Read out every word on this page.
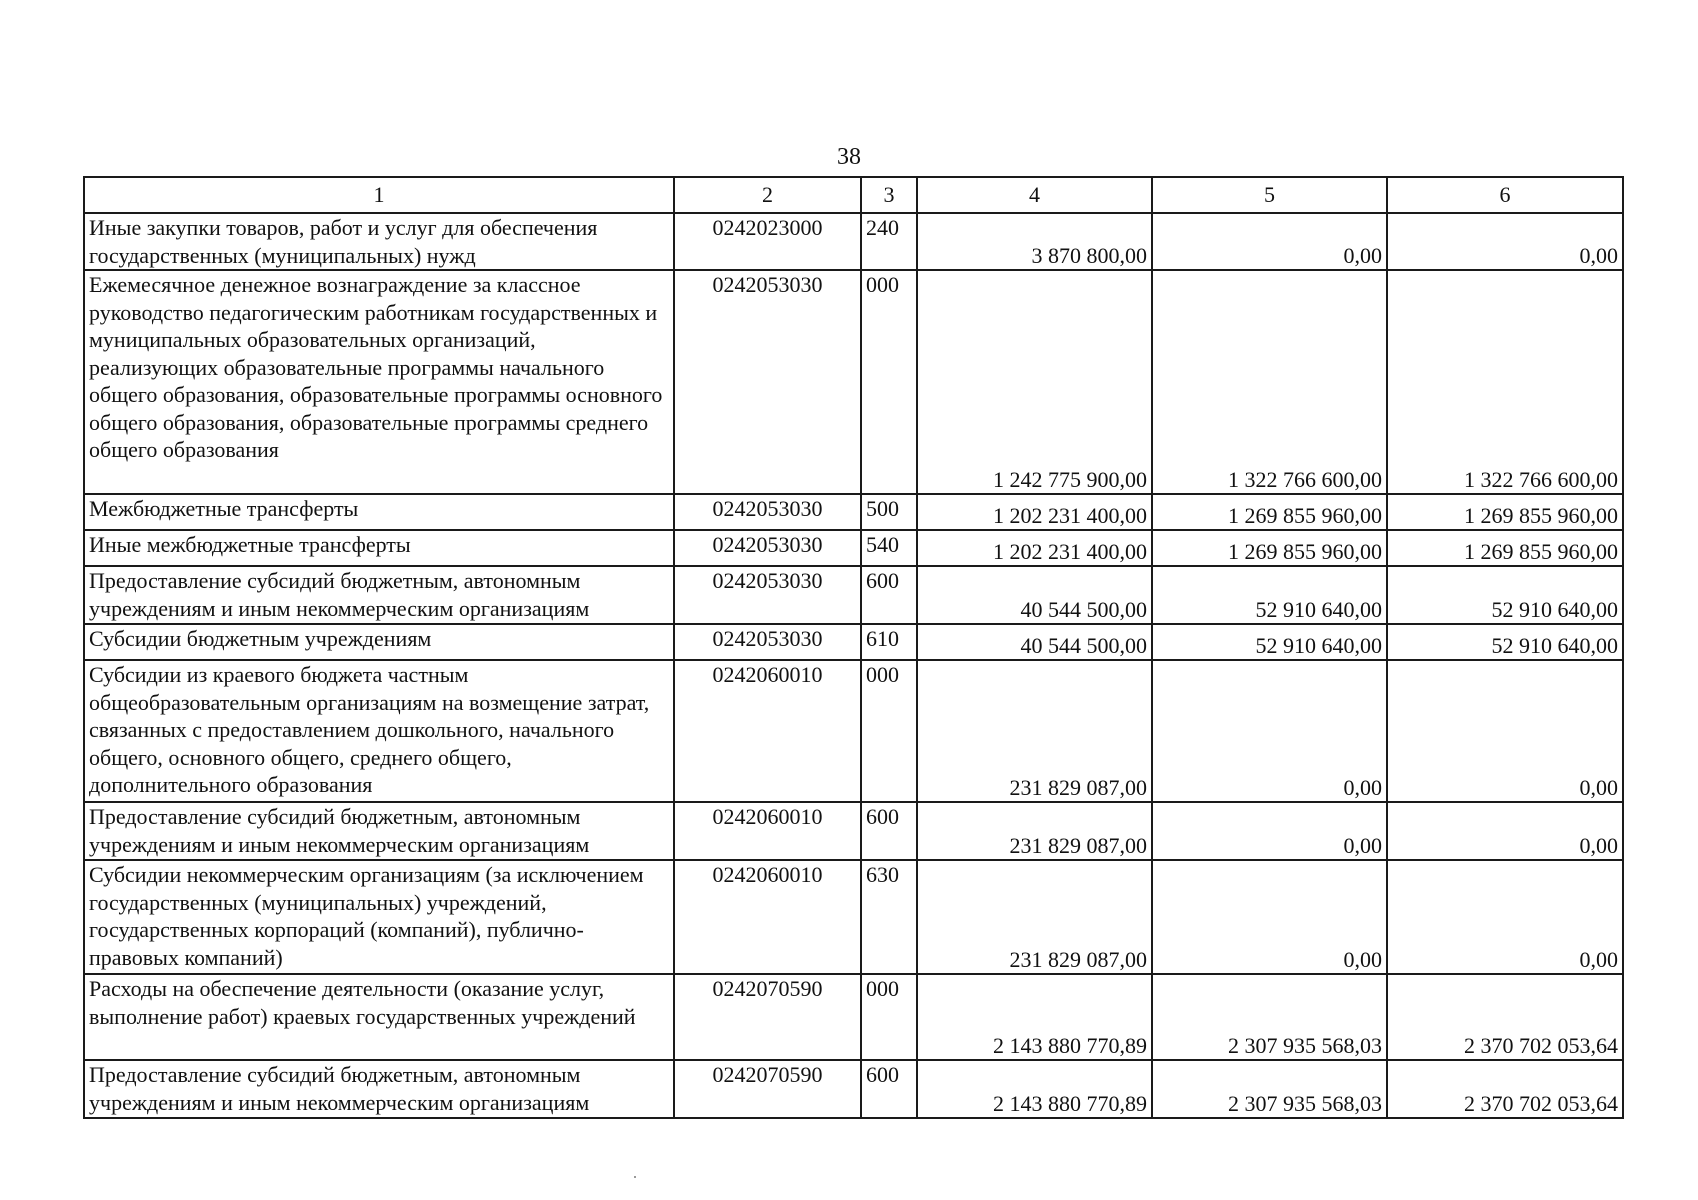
38
1	2	3	4	5	6
Иные закупки товаров, работ и услуг для обеспечения государственных (муниципальных) нужд	0242023000	240	3 870 800,00	0,00	0,00
Ежемесячное денежное вознаграждение за классное руководство педагогическим работникам государственных и муниципальных образовательных организаций, реализующих образовательные программы начального общего образования, образовательные программы основного общего образования, образовательные программы среднего общего образования	0242053030	000	1 242 775 900,00	1 322 766 600,00	1 322 766 600,00
Межбюджетные трансферты	0242053030	500	1 202 231 400,00	1 269 855 960,00	1 269 855 960,00
Иные межбюджетные трансферты	0242053030	540	1 202 231 400,00	1 269 855 960,00	1 269 855 960,00
Предоставление субсидий бюджетным, автономным учреждениям и иным некоммерческим организациям	0242053030	600	40 544 500,00	52 910 640,00	52 910 640,00
Субсидии бюджетным учреждениям	0242053030	610	40 544 500,00	52 910 640,00	52 910 640,00
Субсидии из краевого бюджета частным общеобразовательным организациям на возмещение затрат, связанных с предоставлением дошкольного, начального общего, основного общего, среднего общего, дополнительного образования	0242060010	000	231 829 087,00	0,00	0,00
Предоставление субсидий бюджетным, автономным учреждениям и иным некоммерческим организациям	0242060010	600	231 829 087,00	0,00	0,00
Субсидии некоммерческим организациям (за исключением государственных (муниципальных) учреждений, государственных корпораций (компаний), публично-правовых компаний)	0242060010	630	231 829 087,00	0,00	0,00
Расходы на обеспечение деятельности (оказание услуг, выполнение работ) краевых государственных учреждений	0242070590	000	2 143 880 770,89	2 307 935 568,03	2 370 702 053,64
Предоставление субсидий бюджетным, автономным учреждениям и иным некоммерческим организациям	0242070590	600	2 143 880 770,89	2 307 935 568,03	2 370 702 053,64
